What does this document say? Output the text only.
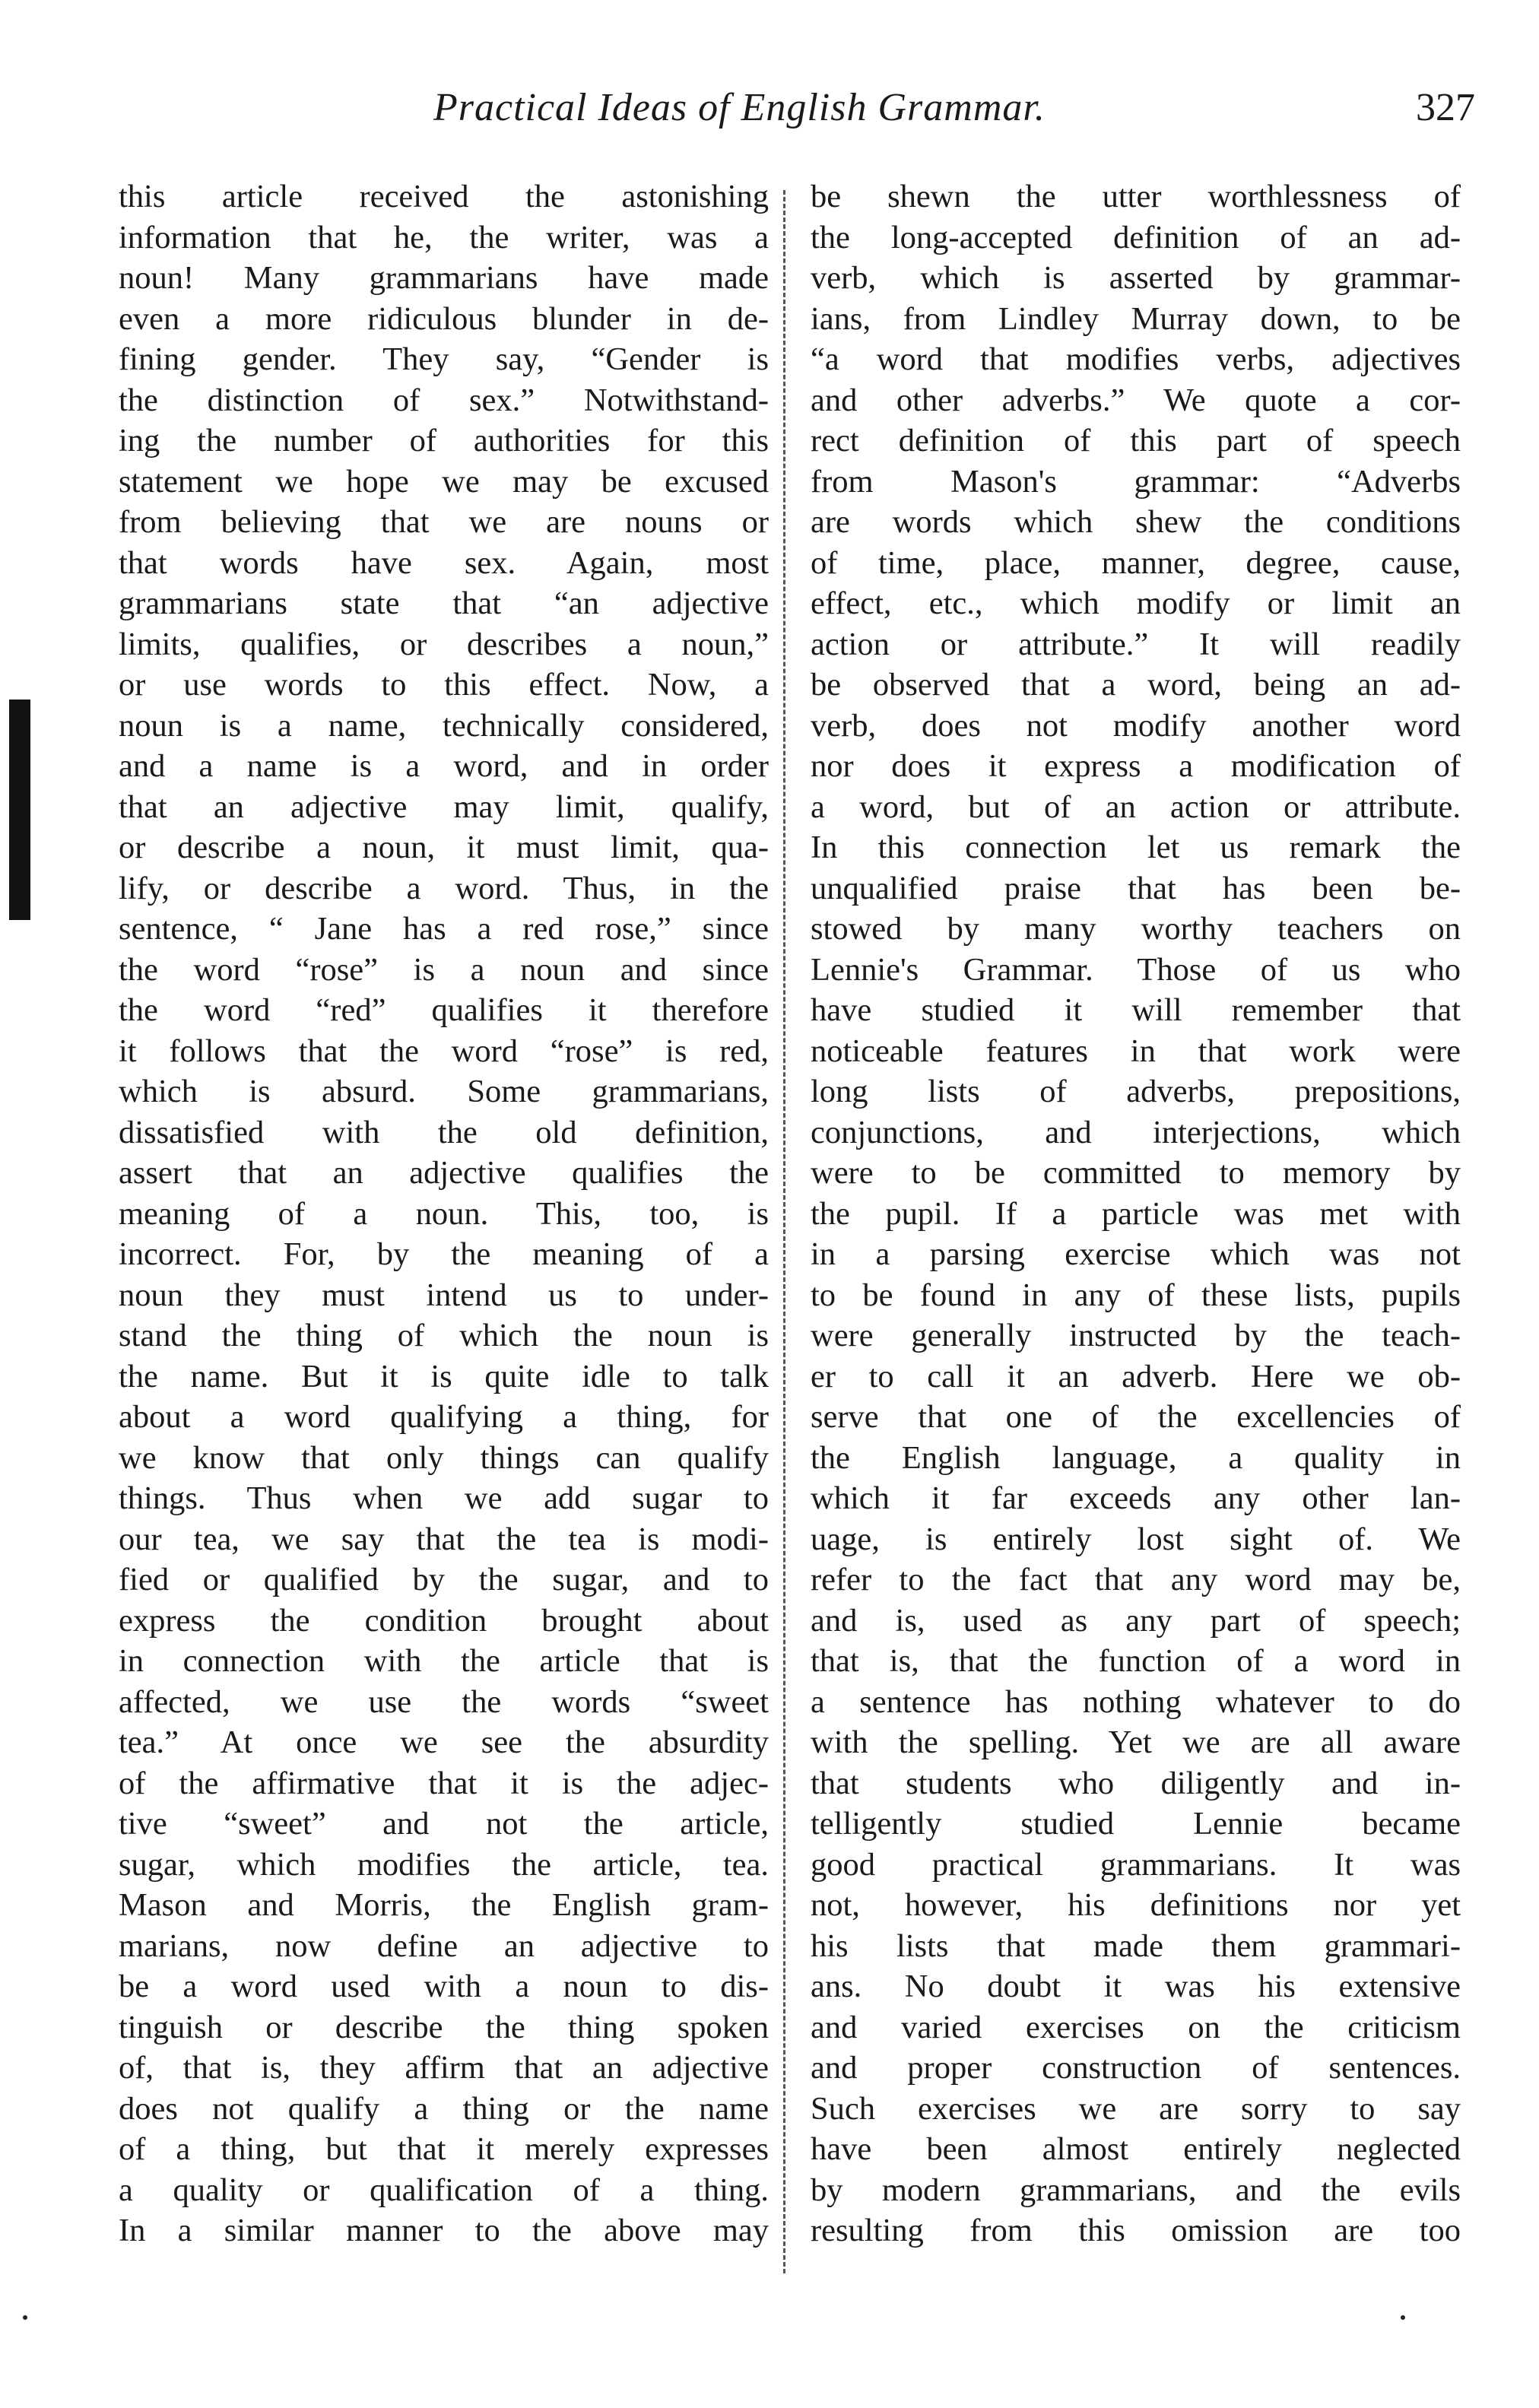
Practical Ideas of English Grammar.	327
this article received the astonishing
information that he, the writer, was a
noun! Many grammarians have made
even a more ridiculous blunder in de-
fining gender. They say, “Gender is
the distinction of sex.” Notwithstand-
ing the number of authorities for this
statement we hope we may be excused
from believing that we are nouns or
that words have sex. Again, most
grammarians state that “an adjective
limits, qualifies, or describes a noun,”
or use words to this effect. Now, a
noun is a name, technically considered,
and a name is a word, and in order
that an adjective may limit, qualify,
or describe a noun, it must limit, qua-
lify, or describe a word. Thus, in the
sentence, “ Jane has a red rose,” since
the word “rose” is a noun and since
the word “red” qualifies it therefore
it follows that the word “rose” is red,
which is absurd. Some grammarians,
dissatisfied with the old definition,
assert that an adjective qualifies the
meaning of a noun. This, too, is
incorrect. For, by the meaning of a
noun they must intend us to under-
stand the thing of which the noun is
the name. But it is quite idle to talk
about a word qualifying a thing, for
we know that only things can qualify
things. Thus when we add sugar to
our tea, we say that the tea is modi-
fied or qualified by the sugar, and to
express the condition brought about
in connection with the article that is
affected, we use the words “sweet
tea.” At once we see the absurdity
of the affirmative that it is the adjec-
tive “sweet” and not the article,
sugar, which modifies the article, tea.
Mason and Morris, the English gram-
marians, now define an adjective to
be a word used with a noun to dis-
tinguish or describe the thing spoken
of, that is, they affirm that an adjective
does not qualify a thing or the name
of a thing, but that it merely expresses
a quality or qualification of a thing.
In a similar manner to the above may
be shewn the utter worthlessness of
the long-accepted definition of an ad-
verb, which is asserted by grammar-
ians, from Lindley Murray down, to be
“a word that modifies verbs, adjectives
and other adverbs.” We quote a cor-
rect definition of this part of speech
from Mason's grammar: “Adverbs
are words which shew the conditions
of time, place, manner, degree, cause,
effect, etc., which modify or limit an
action or attribute.” It will readily
be observed that a word, being an ad-
verb, does not modify another word
nor does it express a modification of
a word, but of an action or attribute.
In this connection let us remark the
unqualified praise that has been be-
stowed by many worthy teachers on
Lennie's Grammar. Those of us who
have studied it will remember that
noticeable features in that work were
long lists of adverbs, prepositions,
conjunctions, and interjections, which
were to be committed to memory by
the pupil. If a particle was met with
in a parsing exercise which was not
to be found in any of these lists, pupils
were generally instructed by the teach-
er to call it an adverb. Here we ob-
serve that one of the excellencies of
the English language, a quality in
which it far exceeds any other lan-
uage, is entirely lost sight of. We
refer to the fact that any word may be,
and is, used as any part of speech;
that is, that the function of a word in
a sentence has nothing whatever to do
with the spelling. Yet we are all aware
that students who diligently and in-
telligently studied Lennie became
good practical grammarians. It was
not, however, his definitions nor yet
his lists that made them grammari-
ans. No doubt it was his extensive
and varied exercises on the criticism
and proper construction of sentences.
Such exercises we are sorry to say
have been almost entirely neglected
by modern grammarians, and the evils
resulting from this omission are too
